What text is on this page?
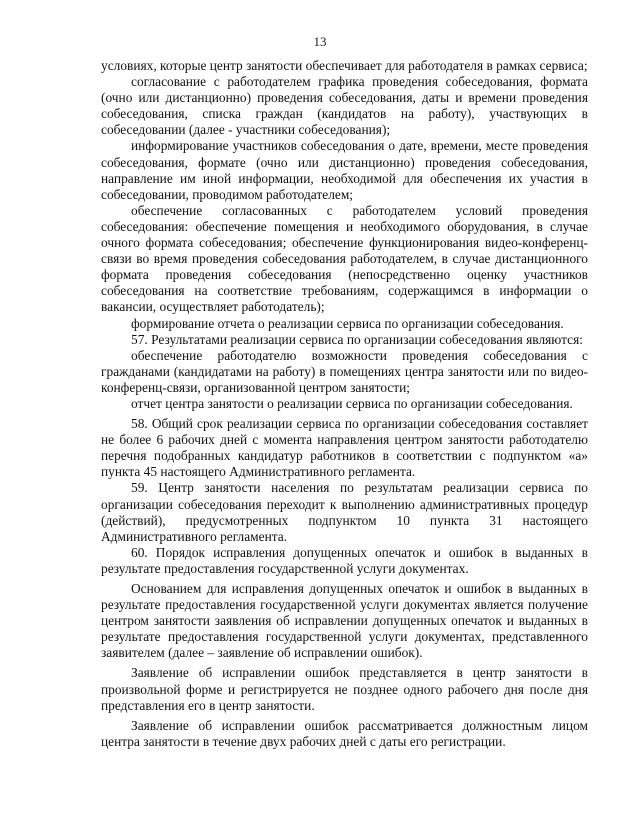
13

условиях, которые центр занятости обеспечивает для работодателя в рамках сервиса;

согласование с работодателем графика проведения собеседования, формата (очно или дистанционно) проведения собеседования, даты и времени проведения собеседования, списка граждан (кандидатов на работу), участвующих в собеседовании (далее - участники собеседования);

информирование участников собеседования о дате, времени, месте проведения собеседования, формате (очно или дистанционно) проведения собеседования, направление им иной информации, необходимой для обеспечения их участия в собеседовании, проводимом работодателем;

обеспечение согласованных с работодателем условий проведения собеседования: обеспечение помещения и необходимого оборудования, в случае очного формата собеседования; обеспечение функционирования видео-конференц-связи во время проведения собеседования работодателем, в случае дистанционного формата проведения собеседования (непосредственно оценку участников собеседования на соответствие требованиям, содержащимся в информации о вакансии, осуществляет работодатель);

формирование отчета о реализации сервиса по организации собеседования.

57. Результатами реализации сервиса по организации собеседования являются:

обеспечение работодателю возможности проведения собеседования с гражданами (кандидатами на работу) в помещениях центра занятости или по видео-конференц-связи, организованной центром занятости;

отчет центра занятости о реализации сервиса по организации собеседования.

58. Общий срок реализации сервиса по организации собеседования составляет не более 6 рабочих дней с момента направления центром занятости работодателю перечня подобранных кандидатур работников в соответствии с подпунктом «а» пункта 45 настоящего Административного регламента.

59. Центр занятости населения по результатам реализации сервиса по организации собеседования переходит к выполнению административных процедур (действий), предусмотренных подпунктом 10 пункта 31 настоящего Административного регламента.

60. Порядок исправления допущенных опечаток и ошибок в выданных в результате предоставления государственной услуги документах.

Основанием для исправления допущенных опечаток и ошибок в выданных в результате предоставления государственной услуги документах является получение центром занятости заявления об исправлении допущенных опечаток и выданных в результате предоставления государственной услуги документах, представленного заявителем (далее – заявление об исправлении ошибок).

Заявление об исправлении ошибок представляется в центр занятости в произвольной форме и регистрируется не позднее одного рабочего дня после дня представления его в центр занятости.

Заявление об исправлении ошибок рассматривается должностным лицом центра занятости в течение двух рабочих дней с даты его регистрации.
